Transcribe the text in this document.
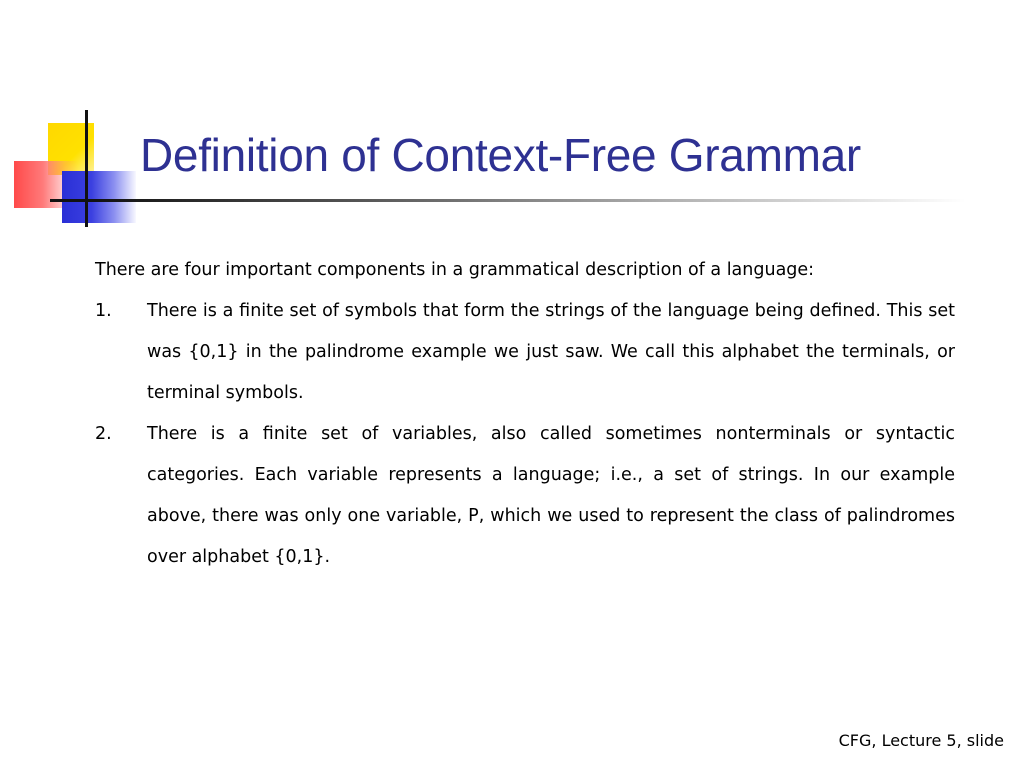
Definition of Context-Free Grammar

There are four important components in a grammatical description of a language:

1. There is a finite set of symbols that form the strings of the language being defined. This set was {0,1} in the palindrome example we just saw. We call this alphabet the terminals, or terminal symbols.
2. There is a finite set of variables, also called sometimes nonterminals or syntactic categories. Each variable represents a language; i.e., a set of strings. In our example above, there was only one variable, P, which we used to represent the class of palindromes over alphabet {0,1}.
CFG, Lecture 5, slide
